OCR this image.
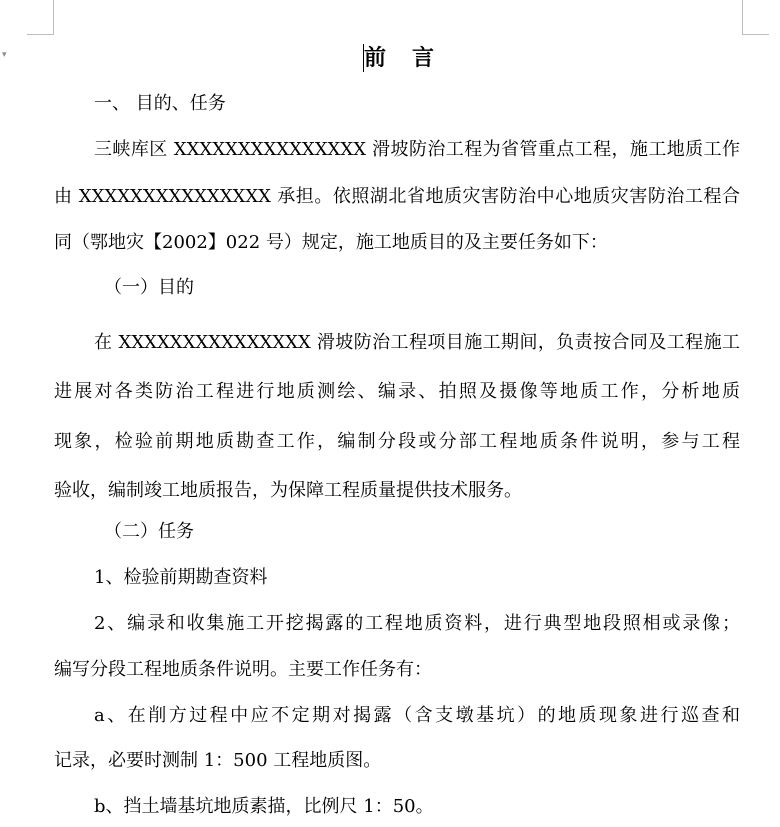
▾	前言
一、 目的、任务
三峡库区 XXXXXXXXXXXXXXX 滑坡防治工程为省管重点工程，施工地质工作
由 XXXXXXXXXXXXXXX 承担。依照湖北省地质灾害防治中心地质灾害防治工程合
同（鄂地灾【2002】022 号）规定，施工地质目的及主要任务如下：
（一）目的
在 XXXXXXXXXXXXXXX 滑坡防治工程项目施工期间，负责按合同及工程施工
进展对各类防治工程进行地质测绘、编录、拍照及摄像等地质工作，分析地质
现象，检验前期地质勘查工作，编制分段或分部工程地质条件说明，参与工程
验收，编制竣工地质报告，为保障工程质量提供技术服务。
（二）任务
1、检验前期勘查资料
2、编录和收集施工开挖揭露的工程地质资料，进行典型地段照相或录像；
编写分段工程地质条件说明。主要工作任务有：
a、在削方过程中应不定期对揭露（含支墩基坑）的地质现象进行巡查和
记录，必要时测制 1：500 工程地质图。
b、挡土墙基坑地质素描，比例尺 1：50。
